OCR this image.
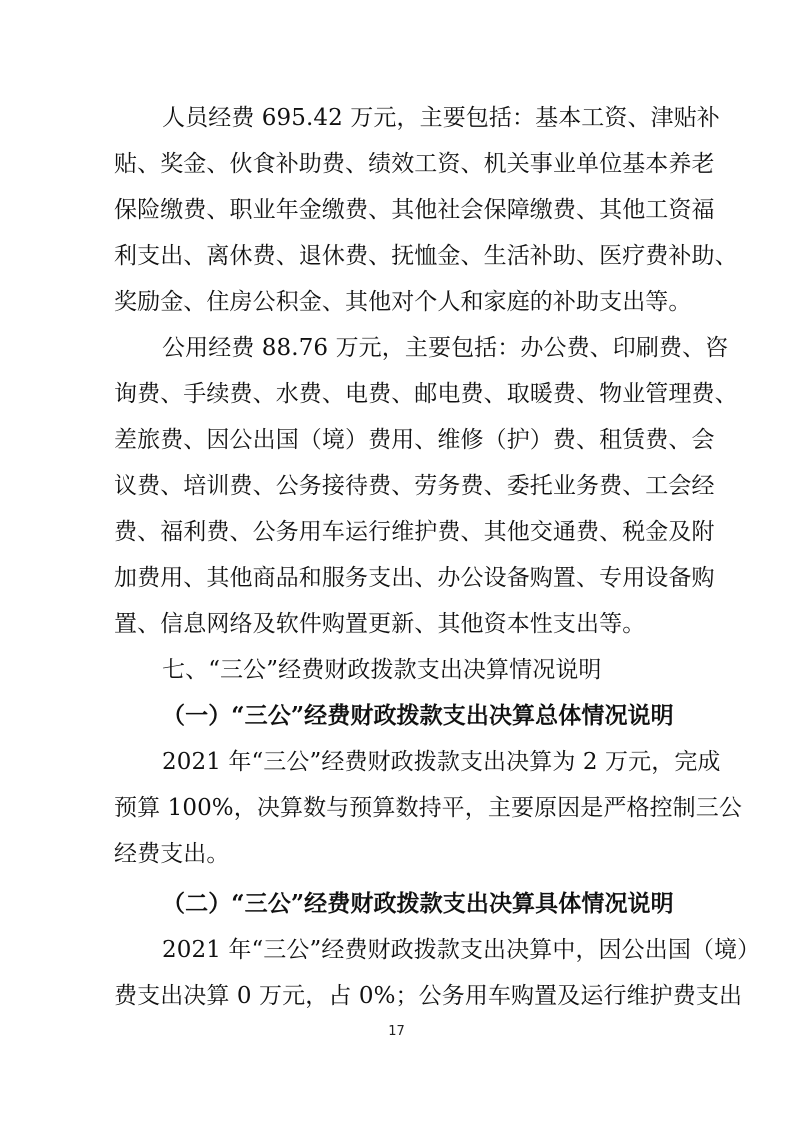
人员经费 695.42 万元，主要包括：基本工资、津贴补
贴、奖金、伙食补助费、绩效工资、机关事业单位基本养老
保险缴费、职业年金缴费、其他社会保障缴费、其他工资福
利支出、离休费、退休费、抚恤金、生活补助、医疗费补助、
奖励金、住房公积金、其他对个人和家庭的补助支出等。
公用经费 88.76 万元，主要包括：办公费、印刷费、咨
询费、手续费、水费、电费、邮电费、取暖费、物业管理费、
差旅费、因公出国（境）费用、维修（护）费、租赁费、会
议费、培训费、公务接待费、劳务费、委托业务费、工会经
费、福利费、公务用车运行维护费、其他交通费、税金及附
加费用、其他商品和服务支出、办公设备购置、专用设备购
置、信息网络及软件购置更新、其他资本性支出等。
七、“三公”经费财政拨款支出决算情况说明
（一）“三公”经费财政拨款支出决算总体情况说明
2021 年“三公”经费财政拨款支出决算为 2 万元，完成
预算 100%，决算数与预算数持平，主要原因是严格控制三公
经费支出。
（二）“三公”经费财政拨款支出决算具体情况说明
2021 年“三公”经费财政拨款支出决算中，因公出国（境）
费支出决算 0 万元，占 0%；公务用车购置及运行维护费支出
17
